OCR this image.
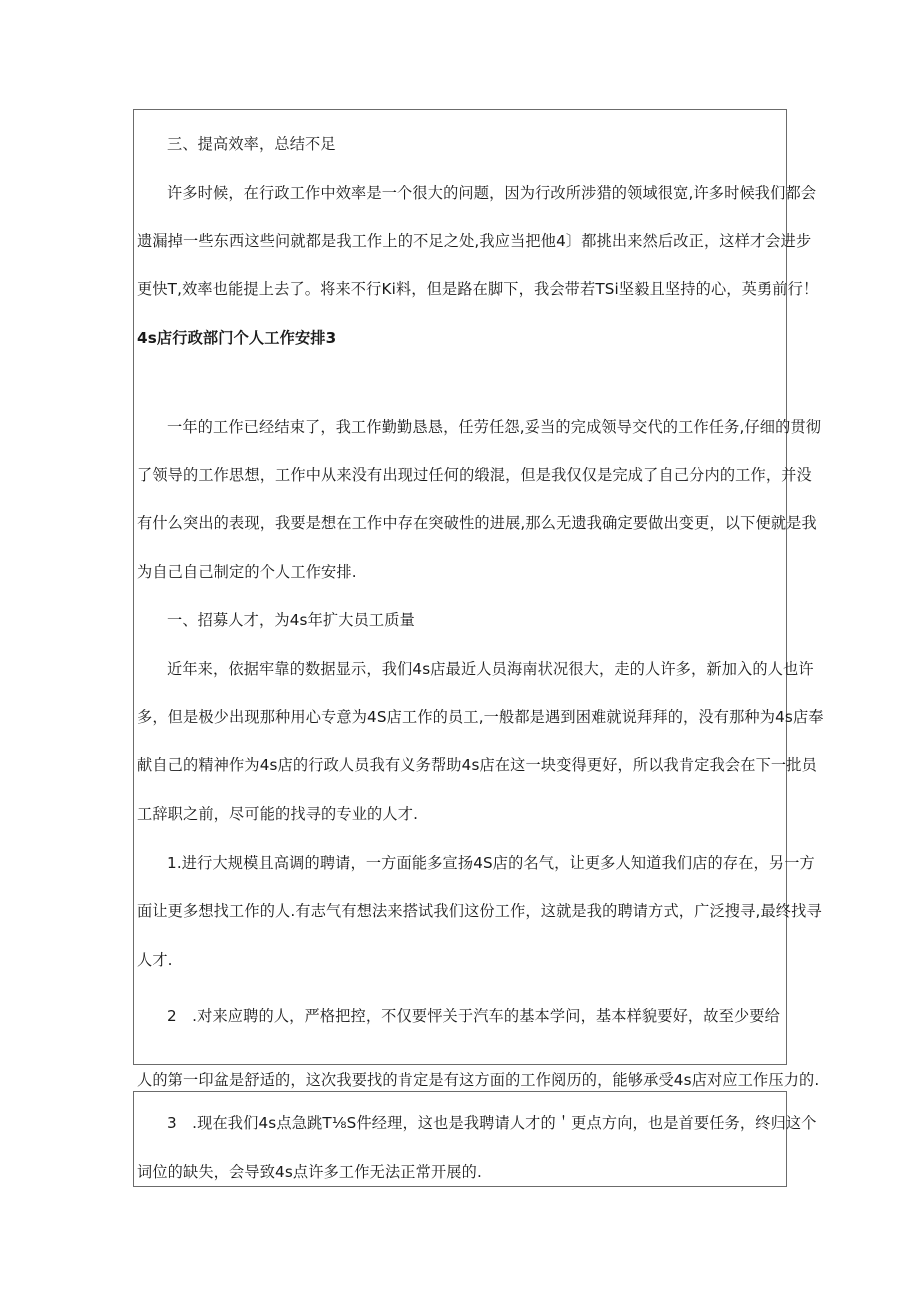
三、提高效率，总结不足
许多时候，在行政工作中效率是一个很大的问题，因为行改所涉猎的领域很宽,许多时候我们都会
遗漏掉一些东西这些问就都是我工作上的不足之处,我应当把他4〕都挑出来然后改正，这样才会进步
更快T,效率也能提上去了。将来不行Ki料，但是路在脚下，我会带若TSi坚毅且坚持的心，英勇前行！
4s店行政部门个人工作安排3
一年的工作已经结束了，我工作勤勤恳恳，任劳任怨,妥当的完成领导交代的工作任务,仔细的贯彻
了领导的工作思想，工作中从来没有出现过任何的缎混，但是我仅仅是完成了自己分内的工作，并没
有什么突出的表现，我要是想在工作中存在突破性的进展,那么无遗我确定要做出变更，以下便就是我
为自己自己制定的个人工作安排.
一、招募人才，为4s年扩大员工质量
近年来，依据牢靠的数据显示，我们4s店最近人员海南状况很大，走的人许多，新加入的人也许
多，但是极少出现那种用心专意为4S店工作的员工,一般都是遇到困难就说拜拜的，没有那种为4s店奉
献自己的精神作为4s店的行政人员我有义务帮助4s店在这一块变得更好，所以我肯定我会在下一批员
工辞职之前，尽可能的找寻的专业的人才.
1.进行大规模且高调的聘请，一方面能多宣扬4S店的名气，让更多人知道我们店的存在，另一方
面让更多想找工作的人.有志气有想法来搭试我们这份工作，这就是我的聘请方式，广泛搜寻,最终找寻
人才.
2　.对来应聘的人，严格把控，不仅要怦关于汽车的基本学问，基本样貌要好，故至少要给
人的第一印盆是舒适的，这次我要找的肯定是有这方面的工作阅历的，能够承受4s店对应工作压力的.
3　.现在我们4s点急跳T⅛S件经理，这也是我聘请人才的＇更点方向，也是首要任务，终归这个
词位的缺失，会导致4s点许多工作无法正常开展的.
